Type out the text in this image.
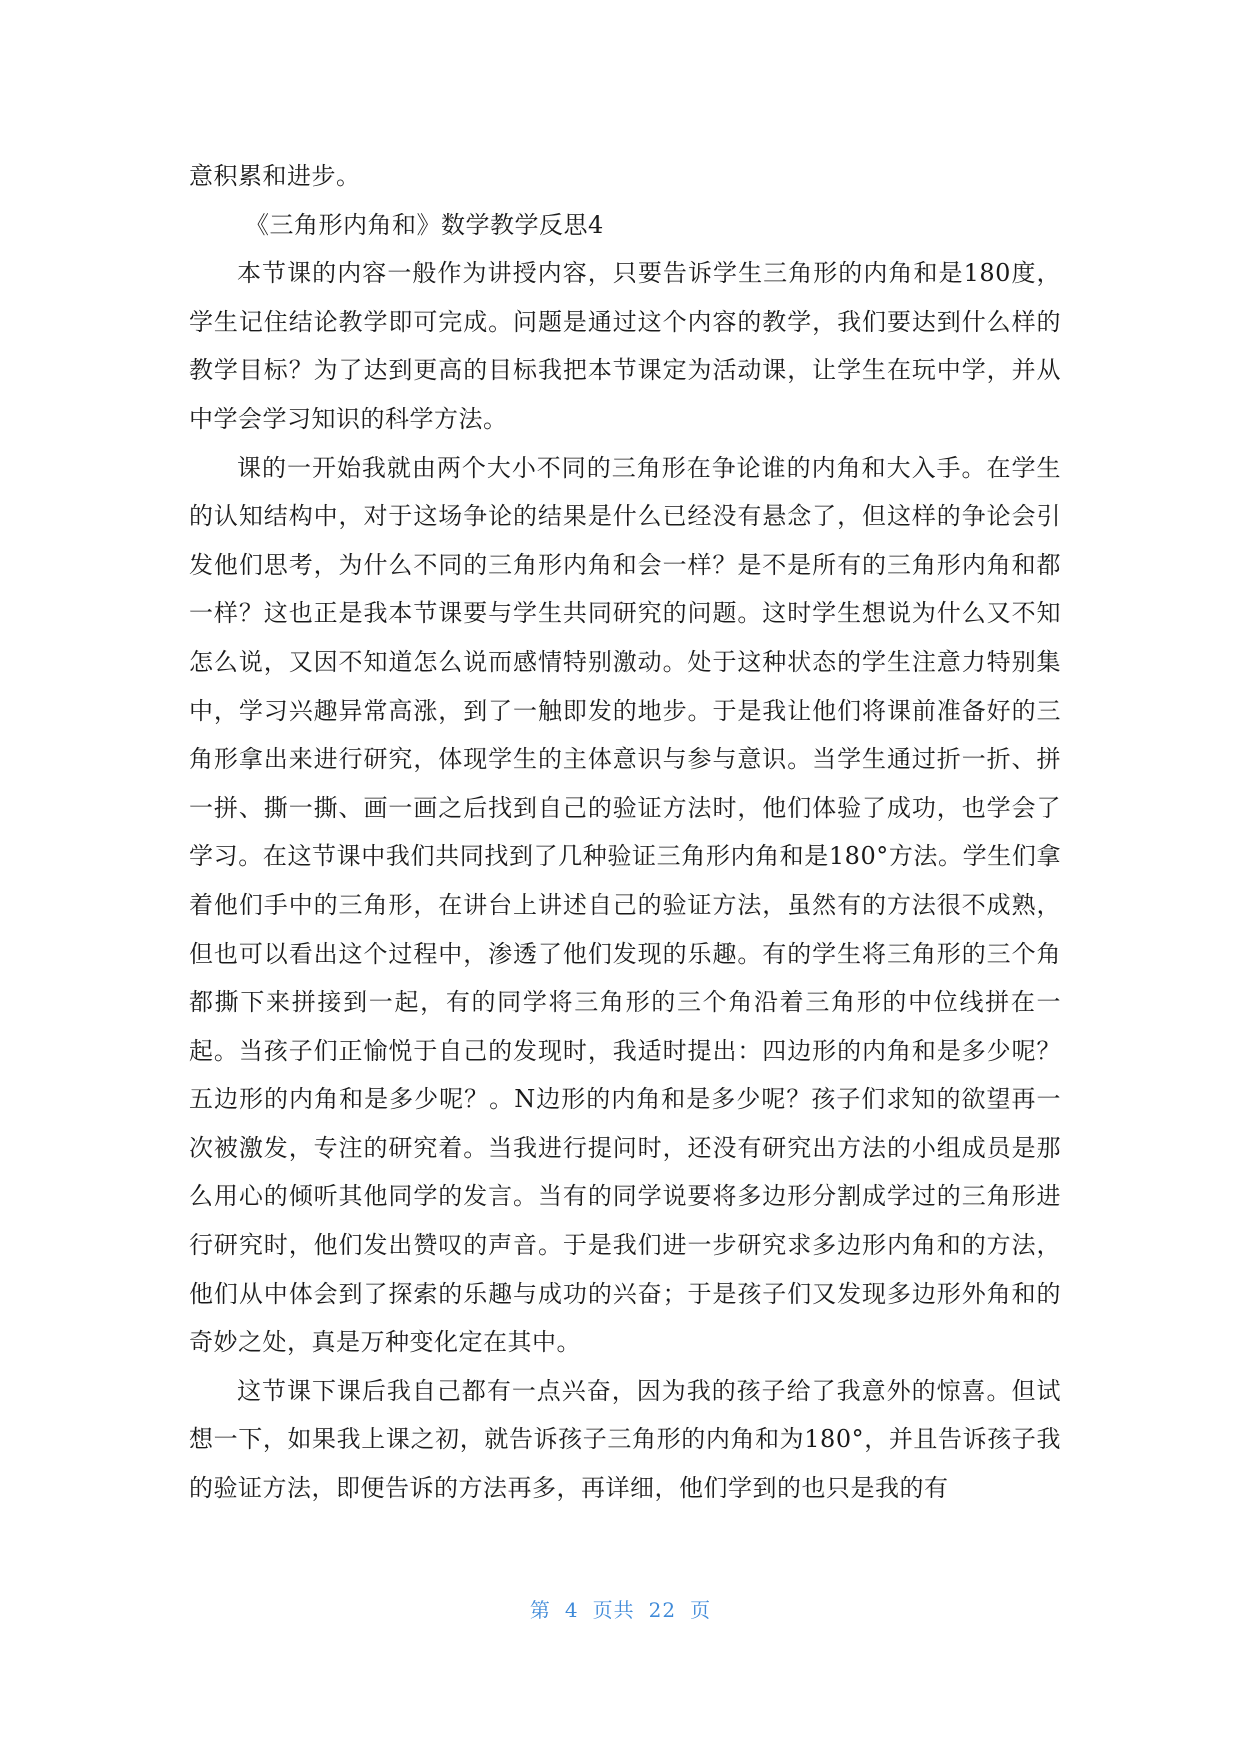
意积累和进步。

《三角形内角和》数学教学反思4

本节课的内容一般作为讲授内容，只要告诉学生三角形的内角和是180度，学生记住结论教学即可完成。问题是通过这个内容的教学，我们要达到什么样的教学目标？为了达到更高的目标我把本节课定为活动课，让学生在玩中学，并从中学会学习知识的科学方法。

课的一开始我就由两个大小不同的三角形在争论谁的内角和大入手。在学生的认知结构中，对于这场争论的结果是什么已经没有悬念了，但这样的争论会引发他们思考，为什么不同的三角形内角和会一样？是不是所有的三角形内角和都一样？这也正是我本节课要与学生共同研究的问题。这时学生想说为什么又不知怎么说，又因不知道怎么说而感情特别激动。处于这种状态的学生注意力特别集中，学习兴趣异常高涨，到了一触即发的地步。于是我让他们将课前准备好的三角形拿出来进行研究，体现学生的主体意识与参与意识。当学生通过折一折、拼一拼、撕一撕、画一画之后找到自己的验证方法时，他们体验了成功，也学会了学习。在这节课中我们共同找到了几种验证三角形内角和是180°方法。学生们拿着他们手中的三角形，在讲台上讲述自己的验证方法，虽然有的方法很不成熟，但也可以看出这个过程中，渗透了他们发现的乐趣。有的学生将三角形的三个角都撕下来拼接到一起，有的同学将三角形的三个角沿着三角形的中位线拼在一起。当孩子们正愉悦于自己的发现时，我适时提出：四边形的内角和是多少呢？五边形的内角和是多少呢？。N边形的内角和是多少呢？孩子们求知的欲望再一次被激发，专注的研究着。当我进行提问时，还没有研究出方法的小组成员是那么用心的倾听其他同学的发言。当有的同学说要将多边形分割成学过的三角形进行研究时，他们发出赞叹的声音。于是我们进一步研究求多边形内角和的方法，他们从中体会到了探索的乐趣与成功的兴奋；于是孩子们又发现多边形外角和的奇妙之处，真是万种变化定在其中。

这节课下课后我自己都有一点兴奋，因为我的孩子给了我意外的惊喜。但试想一下，如果我上课之初，就告诉孩子三角形的内角和为180°，并且告诉孩子我的验证方法，即便告诉的方法再多，再详细，他们学到的也只是我的有

第 4 页共 22 页
